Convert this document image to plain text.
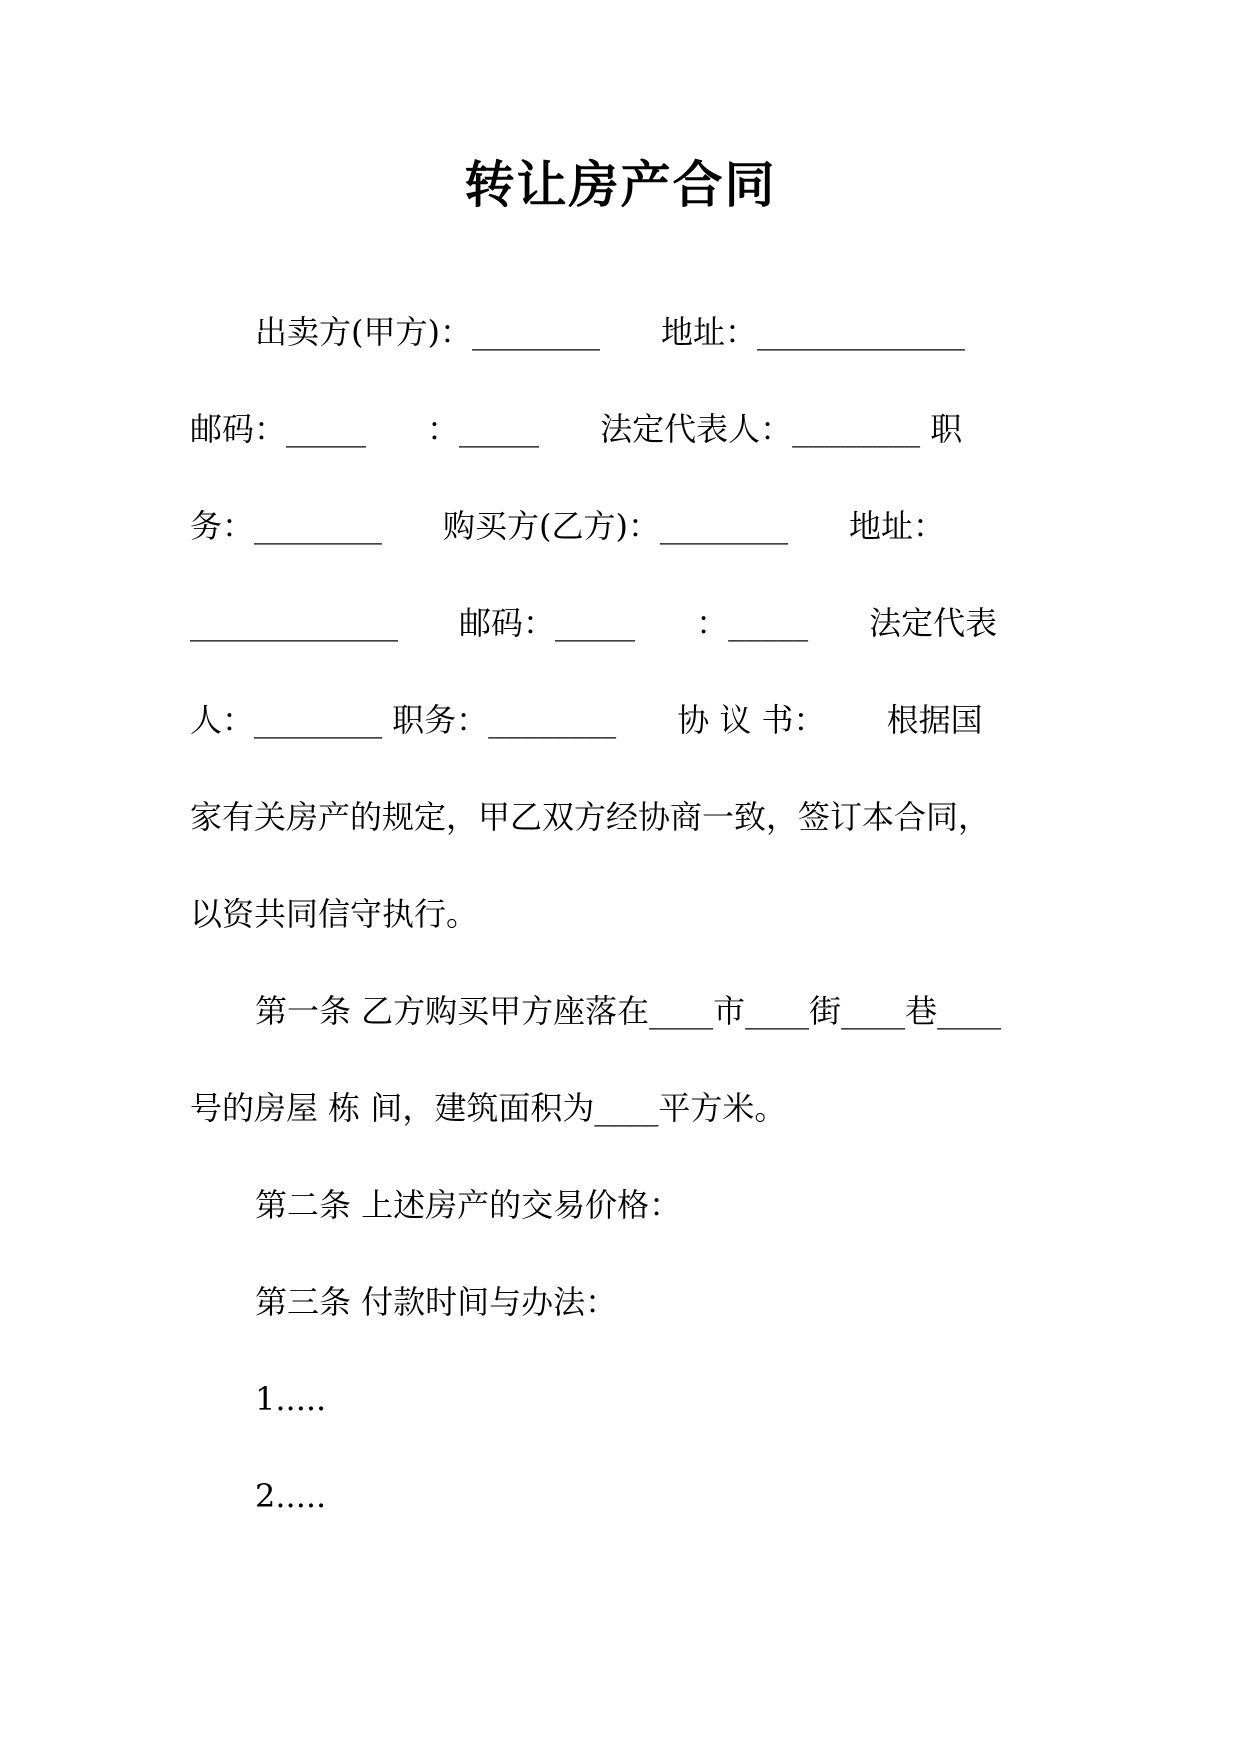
转让房产合同
出卖方(甲方)：________      地址：_____________
邮码：_____      ：_____      法定代表人：________ 职
务：________      购买方(乙方)：________      地址：
_____________      邮码：_____      ：_____      法定代表
人：________ 职务：________      协 议 书：      根据国
家有关房产的规定，甲乙双方经协商一致，签订本合同，
以资共同信守执行。
第一条 乙方购买甲方座落在____市____街____巷____
号的房屋 栋 间，建筑面积为____平方米。
第二条 上述房产的交易价格：
第三条 付款时间与办法：
1.....
2.....
